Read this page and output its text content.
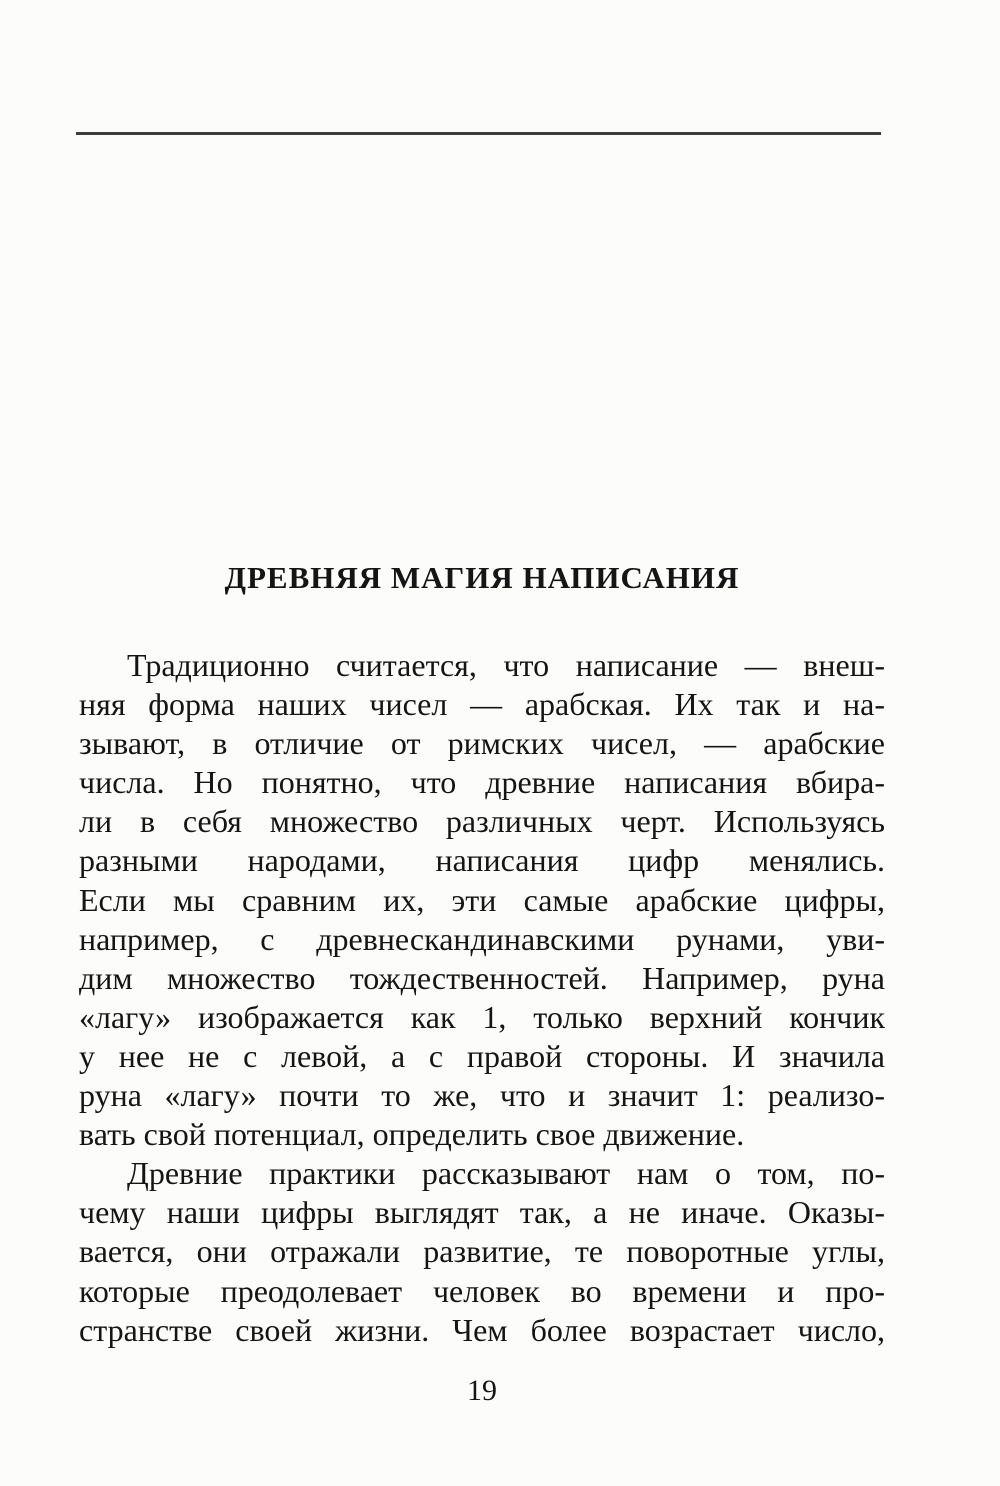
ДРЕВНЯЯ МАГИЯ НАПИСАНИЯ
Традиционно считается, что написание — внеш-
няя форма наших чисел — арабская. Их так и на-
зывают, в отличие от римских чисел, — арабские
числа. Но понятно, что древние написания вбира-
ли в себя множество различных черт. Используясь
разными народами, написания цифр менялись.
Если мы сравним их, эти самые арабские цифры,
например, с древнескандинавскими рунами, уви-
дим множество тождественностей. Например, руна
«лагу» изображается как 1, только верхний кончик
у нее не с левой, а с правой стороны. И значила
руна «лагу» почти то же, что и значит 1: реализо-
вать свой потенциал, определить свое движение.
Древние практики рассказывают нам о том, по-
чему наши цифры выглядят так, а не иначе. Оказы-
вается, они отражали развитие, те поворотные углы,
которые преодолевает человек во времени и про-
странстве своей жизни. Чем более возрастает число,
19
